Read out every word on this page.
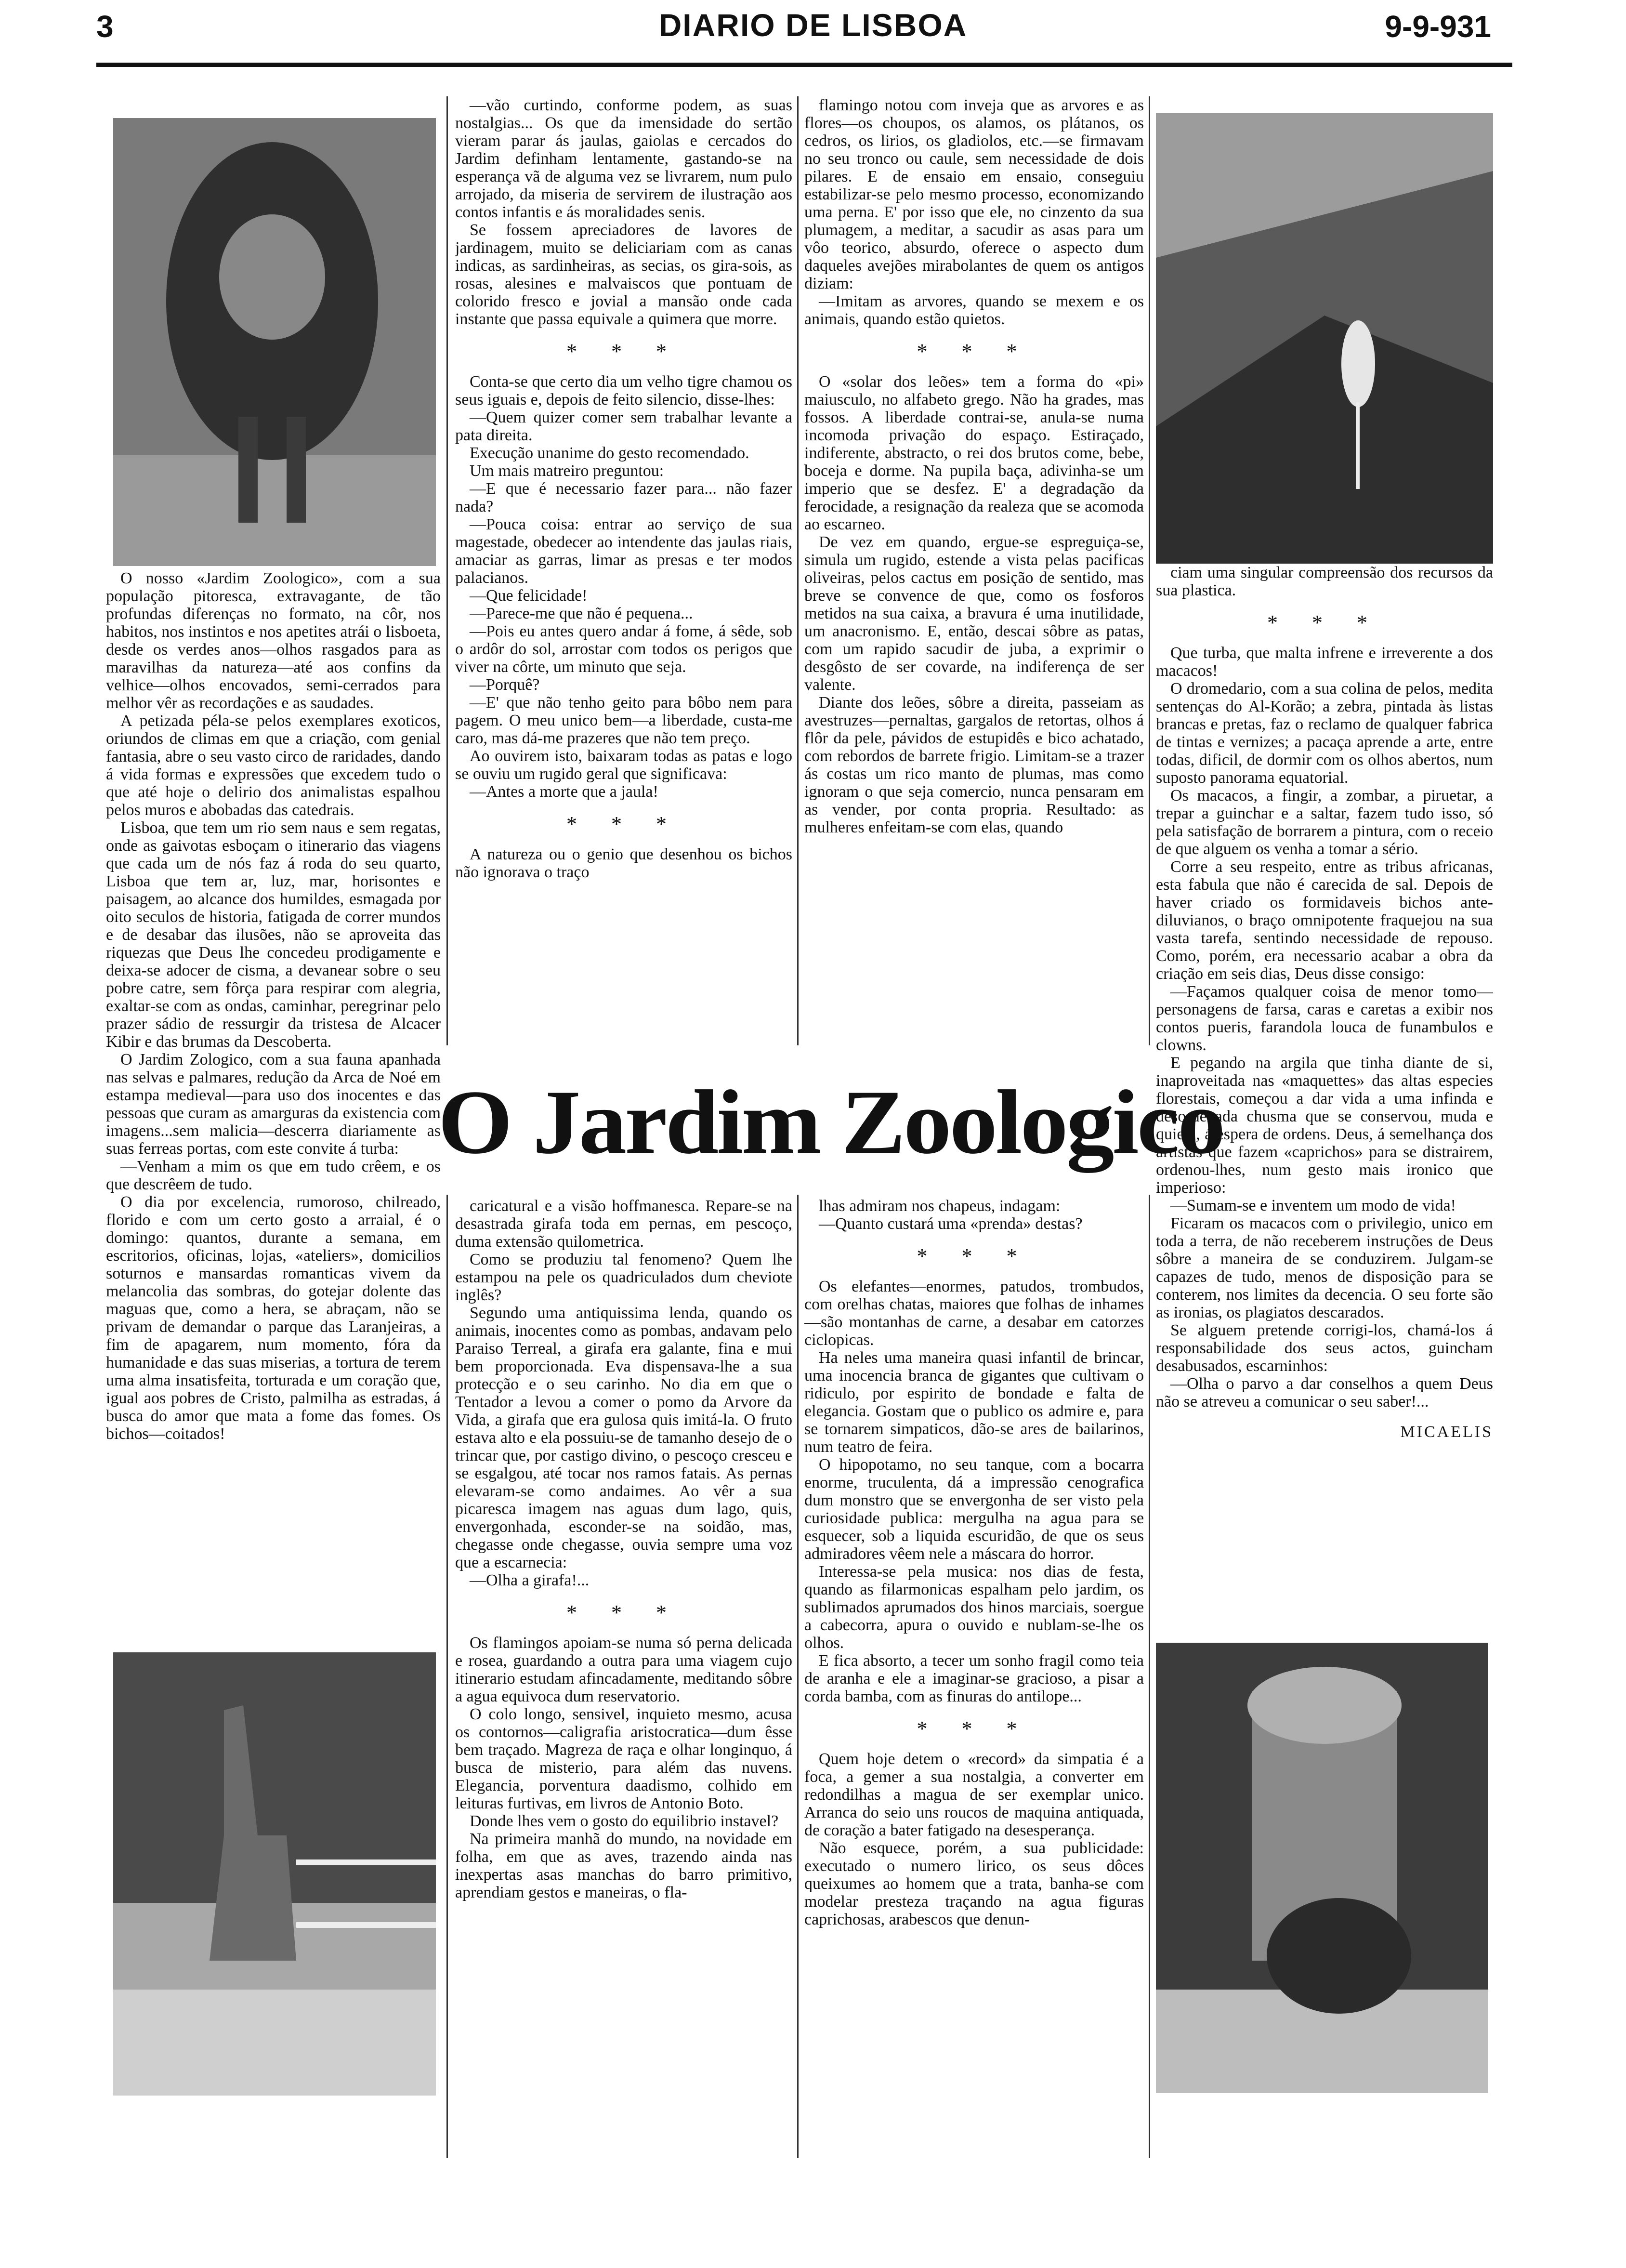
3	DIARIO DE LISBOA	9-9-931
O Jardim Zoologico

O nosso «Jardim Zoologico», com a sua população pitoresca, extravagante, de tão profundas diferenças no formato, na côr, nos habitos, nos instintos e nos apetites atrái o lisboeta, desde os verdes anos—olhos rasgados para as maravilhas da natureza—até aos confins da velhice—olhos encovados, semi-cerrados para melhor vêr as recordações e as saudades.

A petizada péla-se pelos exemplares exoticos, oriundos de climas em que a criação, com genial fantasia, abre o seu vasto circo de raridades, dando á vida formas e expressões que excedem tudo o que até hoje o delirio dos animalistas espalhou pelos muros e abobadas das catedrais.

Lisboa, que tem um rio sem naus e sem regatas, onde as gaivotas esboçam o itinerario das viagens que cada um de nós faz á roda do seu quarto, Lisboa que tem ar, luz, mar, horisontes e paisagem, ao alcance dos humildes, esmagada por oito seculos de historia, fatigada de correr mundos e de desabar das ilusões, não se aproveita das riquezas que Deus lhe concedeu prodigamente e deixa-se adocer de cisma, a devanear sobre o seu pobre catre, sem fôrça para respirar com alegria, exaltar-se com as ondas, caminhar, peregrinar pelo prazer sádio de ressurgir da tristesa de Alcacer Kibir e das brumas da Descoberta.

O Jardim Zologico, com a sua fauna apanhada nas selvas e palmares, redução da Arca de Noé em estampa medieval—para uso dos inocentes e das pessoas que curam as amarguras da existencia com imagens...sem malicia—descerra diariamente as suas ferreas portas, com este convite á turba:

—Venham a mim os que em tudo crêem, e os que descrêem de tudo.

O dia por excelencia, rumoroso, chilreado, florido e com um certo gosto a arraial, é o domingo: quantos, durante a semana, em escritorios, oficinas, lojas, «ateliers», domicilios soturnos e mansardas romanticas vivem da melancolia das sombras, do gotejar dolente das maguas que, como a hera, se abraçam, não se privam de demandar o parque das Laranjeiras, a fim de apagarem, num momento, fóra da humanidade e das suas miserias, a tortura de terem uma alma insatisfeita, torturada e um coração que, igual aos pobres de Cristo, palmilha as estradas, á busca do amor que mata a fome das fomes. Os bichos—coitados!

—vão curtindo, conforme podem, as suas nostalgias... Os que da imensidade do sertão vieram parar ás jaulas, gaiolas e cercados do Jardim definham lentamente, gastando-se na esperança vã de alguma vez se livrarem, num pulo arrojado, da miseria de servirem de ilustração aos contos infantis e ás moralidades senis.

Se fossem apreciadores de lavores de jardinagem, muito se deliciariam com as canas indicas, as sardinheiras, as secias, os gira-sois, as rosas, alesines e malvaiscos que pontuam de colorido fresco e jovial a mansão onde cada instante que passa equivale a quimera que morre.

* * *

Conta-se que certo dia um velho tigre chamou os seus iguais e, depois de feito silencio, disse-lhes:

—Quem quizer comer sem trabalhar levante a pata direita.

Execução unanime do gesto recomendado.

Um mais matreiro preguntou:

—E que é necessario fazer para... não fazer nada?

—Pouca coisa: entrar ao serviço de sua magestade, obedecer ao intendente das jaulas riais, amaciar as garras, limar as presas e ter modos palacianos.

—Que felicidade!

—Parece-me que não é pequena...

—Pois eu antes quero andar á fome, á sêde, sob o ardôr do sol, arrostar com todos os perigos que viver na côrte, um minuto que seja.

—Porquê?

—E' que não tenho geito para bôbo nem para pagem. O meu unico bem—a liberdade, custa-me caro, mas dá-me prazeres que não tem preço.

Ao ouvirem isto, baixaram todas as patas e logo se ouviu um rugido geral que significava:

—Antes a morte que a jaula!

* * *

A natureza ou o genio que desenhou os bichos não ignorava o traço

flamingo notou com inveja que as arvores e as flores—os choupos, os alamos, os plátanos, os cedros, os lirios, os gladiolos, etc.—se firmavam no seu tronco ou caule, sem necessidade de dois pilares. E de ensaio em ensaio, conseguiu estabilizar-se pelo mesmo processo, economizando uma perna. E' por isso que ele, no cinzento da sua plumagem, a meditar, a sacudir as asas para um vôo teorico, absurdo, oferece o aspecto dum daqueles avejões mirabolantes de quem os antigos diziam:

—Imitam as arvores, quando se mexem e os animais, quando estão quietos.

* * *

O «solar dos leões» tem a forma do «pi» maiusculo, no alfabeto grego. Não ha grades, mas fossos. A liberdade contrai-se, anula-se numa incomoda privação do espaço. Estiraçado, indiferente, abstracto, o rei dos brutos come, bebe, boceja e dorme. Na pupila baça, adivinha-se um imperio que se desfez. E' a degradação da ferocidade, a resignação da realeza que se acomoda ao escarneo.

De vez em quando, ergue-se espreguiça-se, simula um rugido, estende a vista pelas pacificas oliveiras, pelos cactus em posição de sentido, mas breve se convence de que, como os fosforos metidos na sua caixa, a bravura é uma inutilidade, um anacronismo. E, então, descai sôbre as patas, com um rapido sacudir de juba, a exprimir o desgôsto de ser covarde, na indiferença de ser valente.

Diante dos leões, sôbre a direita, passeiam as avestruzes—pernaltas, gargalos de retortas, olhos á flôr da pele, pávidos de estupidês e bico achatado, com rebordos de barrete frigio. Limitam-se a trazer ás costas um rico manto de plumas, mas como ignoram o que seja comercio, nunca pensaram em as vender, por conta propria. Resultado: as mulheres enfeitam-se com elas, quando

ciam uma singular compreensão dos recursos da sua plastica.

* * *

Que turba, que malta infrene e irreverente a dos macacos!

O dromedario, com a sua colina de pelos, medita sentenças do Al-Korão; a zebra, pintada às listas brancas e pretas, faz o reclamo de qualquer fabrica de tintas e vernizes; a pacaça aprende a arte, entre todas, dificil, de dormir com os olhos abertos, num suposto panorama equatorial.

Os macacos, a fingir, a zombar, a piruetar, a trepar a guinchar e a saltar, fazem tudo isso, só pela satisfação de borrarem a pintura, com o receio de que alguem os venha a tomar a sério.

Corre a seu respeito, entre as tribus africanas, esta fabula que não é carecida de sal. Depois de haver criado os formidaveis bichos ante-diluvianos, o braço omnipotente fraquejou na sua vasta tarefa, sentindo necessidade de repouso. Como, porém, era necessario acabar a obra da criação em seis dias, Deus disse consigo:

—Façamos qualquer coisa de menor tomo—personagens de farsa, caras e caretas a exibir nos contos pueris, farandola louca de funambulos e clowns.

E pegando na argila que tinha diante de si, inaproveitada nas «maquettes» das altas especies florestais, começou a dar vida a uma infinda e desordenada chusma que se conservou, muda e quieta, á espera de ordens. Deus, á semelhança dos artistas que fazem «caprichos» para se distrairem, ordenou-lhes, num gesto mais ironico que imperioso:

—Sumam-se e inventem um modo de vida!

Ficaram os macacos com o privilegio, unico em toda a terra, de não receberem instruções de Deus sôbre a maneira de se conduzirem. Julgam-se capazes de tudo, menos de disposição para se conterem, nos limites da decencia. O seu forte são as ironias, os plagiatos descarados.

Se alguem pretende corrigi-los, chamá-los á responsabilidade dos seus actos, guincham desabusados, escarninhos:

—Olha o parvo a dar conselhos a quem Deus não se atreveu a comunicar o seu saber!...

MICAELIS

caricatural e a visão hoffmanesca. Repare-se na desastrada girafa toda em pernas, em pescoço, duma extensão quilometrica.

Como se produziu tal fenomeno? Quem lhe estampou na pele os quadriculados dum cheviote inglês?

Segundo uma antiquissima lenda, quando os animais, inocentes como as pombas, andavam pelo Paraiso Terreal, a girafa era galante, fina e mui bem proporcionada. Eva dispensava-lhe a sua protecção e o seu carinho. No dia em que o Tentador a levou a comer o pomo da Arvore da Vida, a girafa que era gulosa quis imitá-la. O fruto estava alto e ela possuiu-se de tamanho desejo de o trincar que, por castigo divino, o pescoço cresceu e se esgalgou, até tocar nos ramos fatais. As pernas elevaram-se como andaimes. Ao vêr a sua picaresca imagem nas aguas dum lago, quis, envergonhada, esconder-se na soidão, mas, chegasse onde chegasse, ouvia sempre uma voz que a escarnecia:

—Olha a girafa!...

* * *

Os flamingos apoiam-se numa só perna delicada e rosea, guardando a outra para uma viagem cujo itinerario estudam afincadamente, meditando sôbre a agua equivoca dum reservatorio.

O colo longo, sensivel, inquieto mesmo, acusa os contornos—caligrafia aristocratica—dum êsse bem traçado. Magreza de raça e olhar longinquo, á busca de misterio, para além das nuvens. Elegancia, porventura daadismo, colhido em leituras furtivas, em livros de Antonio Boto.

Donde lhes vem o gosto do equilibrio instavel?

Na primeira manhã do mundo, na novidade em folha, em que as aves, trazendo ainda nas inexpertas asas manchas do barro primitivo, aprendiam gestos e maneiras, o fla-

lhas admiram nos chapeus, indagam:

—Quanto custará uma «prenda» destas?

* * *

Os elefantes—enormes, patudos, trombudos, com orelhas chatas, maiores que folhas de inhames—são montanhas de carne, a desabar em catorzes ciclopicas.

Ha neles uma maneira quasi infantil de brincar, uma inocencia branca de gigantes que cultivam o ridiculo, por espirito de bondade e falta de elegancia. Gostam que o publico os admire e, para se tornarem simpaticos, dão-se ares de bailarinos, num teatro de feira.

O hipopotamo, no seu tanque, com a bocarra enorme, truculenta, dá a impressão cenografica dum monstro que se envergonha de ser visto pela curiosidade publica: mergulha na agua para se esquecer, sob a liquida escuridão, de que os seus admiradores vêem nele a máscara do horror.

Interessa-se pela musica: nos dias de festa, quando as filarmonicas espalham pelo jardim, os sublimados aprumados dos hinos marciais, soergue a cabecorra, apura o ouvido e nublam-se-lhe os olhos.

E fica absorto, a tecer um sonho fragil como teia de aranha e ele a imaginar-se gracioso, a pisar a corda bamba, com as finuras do antilope...

* * *

Quem hoje detem o «record» da simpatia é a foca, a gemer a sua nostalgia, a converter em redondilhas a magua de ser exemplar unico. Arranca do seio uns roucos de maquina antiquada, de coração a bater fatigado na desesperança.

Não esquece, porém, a sua publicidade: executado o numero lirico, os seus dôces queixumes ao homem que a trata, banha-se com modelar presteza traçando na agua figuras caprichosas, arabescos que denun-
